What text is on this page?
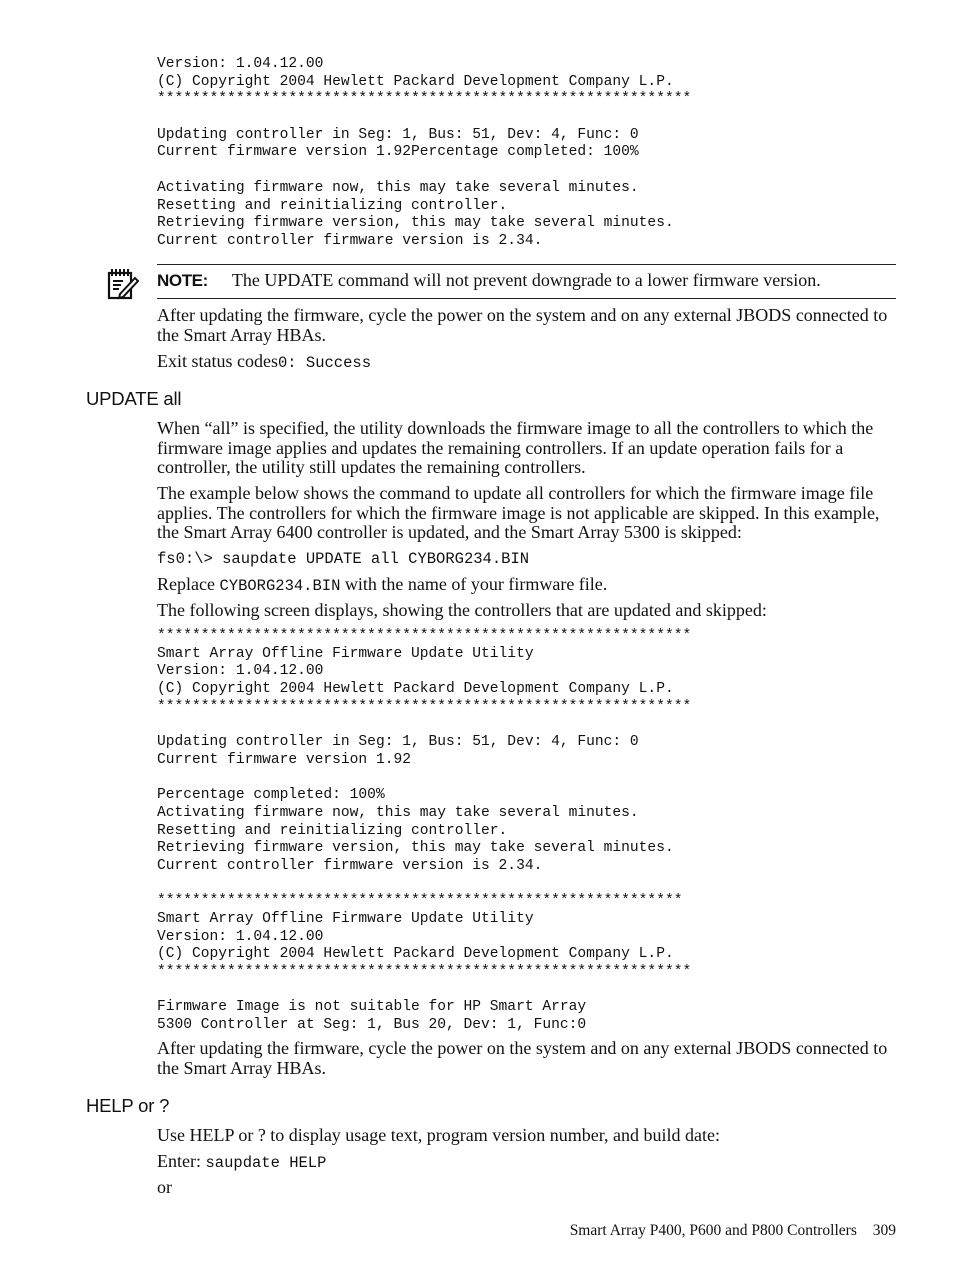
Version: 1.04.12.00
(C) Copyright 2004 Hewlett Packard Development Company L.P.
*************************************************************
Updating controller in Seg: 1, Bus: 51, Dev: 4, Func: 0
Current firmware version 1.92Percentage completed: 100%
Activating firmware now, this may take several minutes.
Resetting and reinitializing controller.
Retrieving firmware version, this may take several minutes.
Current controller firmware version is 2.34.
NOTE: The UPDATE command will not prevent downgrade to a lower firmware version.

After updating the firmware, cycle the power on the system and on any external JBODS connected to the Smart Array HBAs.

Exit status codes0: Success

UPDATE all

When “all” is specified, the utility downloads the firmware image to all the controllers to which the firmware image applies and updates the remaining controllers. If an update operation fails for a controller, the utility still updates the remaining controllers.

The example below shows the command to update all controllers for which the firmware image file applies. The controllers for which the firmware image is not applicable are skipped. In this example, the Smart Array 6400 controller is updated, and the Smart Array 5300 is skipped:

fs0:\> saupdate UPDATE all CYBORG234.BIN

Replace CYBORG234.BIN with the name of your firmware file.

The following screen displays, showing the controllers that are updated and skipped:

*************************************************************
Smart Array Offline Firmware Update Utility
Version: 1.04.12.00
(C) Copyright 2004 Hewlett Packard Development Company L.P.
*************************************************************
Updating controller in Seg: 1, Bus: 51, Dev: 4, Func: 0
Current firmware version 1.92
Percentage completed: 100%
Activating firmware now, this may take several minutes.
Resetting and reinitializing controller.
Retrieving firmware version, this may take several minutes.
Current controller firmware version is 2.34.
************************************************************
Smart Array Offline Firmware Update Utility
Version: 1.04.12.00
(C) Copyright 2004 Hewlett Packard Development Company L.P.
*************************************************************
Firmware Image is not suitable for HP Smart Array
5300 Controller at Seg: 1, Bus 20, Dev: 1, Func:0

After updating the firmware, cycle the power on the system and on any external JBODS connected to the Smart Array HBAs.

HELP or ?

Use HELP or ? to display usage text, program version number, and build date:

Enter: saupdate HELP

or

Smart Array P400, P600 and P800 Controllers 309
